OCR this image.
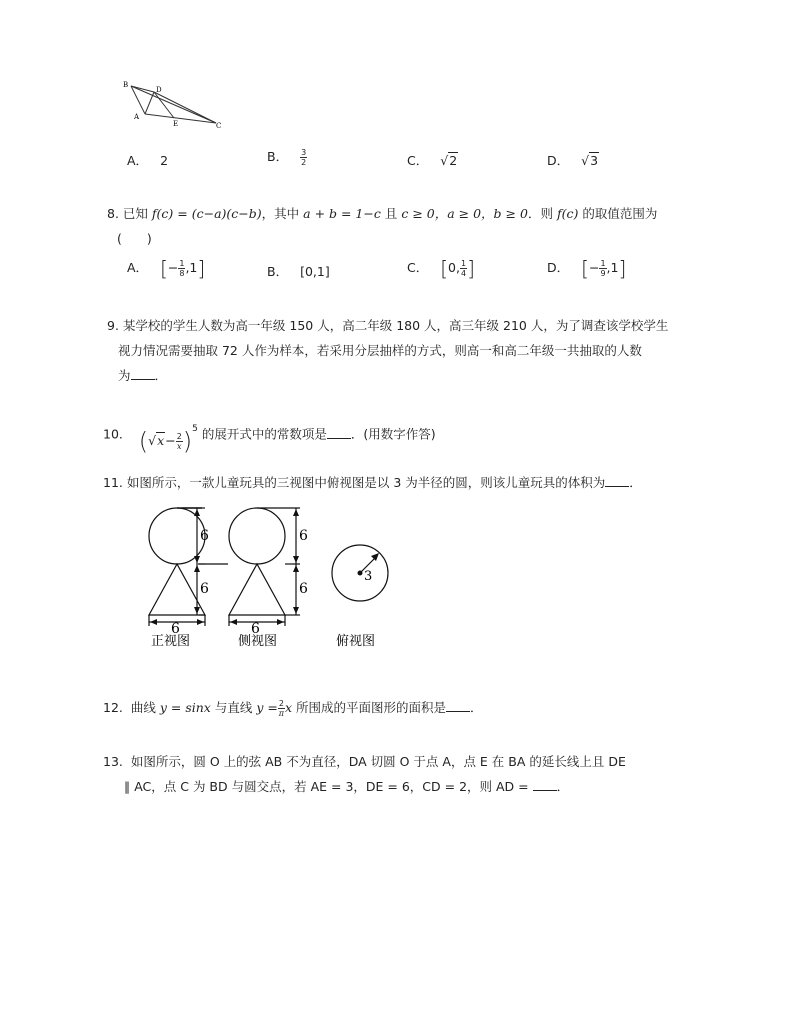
B
D
A
E	C
A． 2	B． $\frac{3}{2}$	C． √2	D． √3
8. 已知 f(c) = (c−a)(c−b)，其中 a + b = 1−c 且 c ≥ 0，a ≥ 0，b ≥ 0．则 f(c) 的取值范围为
(　　)
A． [− $\frac{1}{8} ,1$]	B． [0,1]	C． [0, $\frac{1}{4}$ ]	D． [− $\frac{1}{9} ,1$]
9. 某学校的学生人数为高一年级 150 人，高二年级 180 人，高三年级 210 人，为了调查该学校学生
视力情况需要抽取 72 人作为样本，若采用分层抽样的方式，则高一和高二年级一共抽取的人数
为 ．
10. $(√x- \frac{2}{x} )^5$ 的展开式中的常数项是 ．(用数字作答)
11. 如图所示，一款儿童玩具的三视图中俯视图是以 3 为半径的圆，则该儿童玩具的体积为 ．
6
6
6
6
6
6
3
正视图	侧视图	俯视图
12. 曲线 y = sinx 与直线 $y = \frac{2}{\pi}$ x 所围成的平面图形的面积是 ．
13. 如图所示，圆 O 上的弦 AB 不为直径，DA 切圆 O 于点 A，点 E 在 BA 的延长线上且 DE
∥ AC，点 C 为 BD 与圆交点，若 AE = 3，DE = 6，CD = 2，则 AD = ．
